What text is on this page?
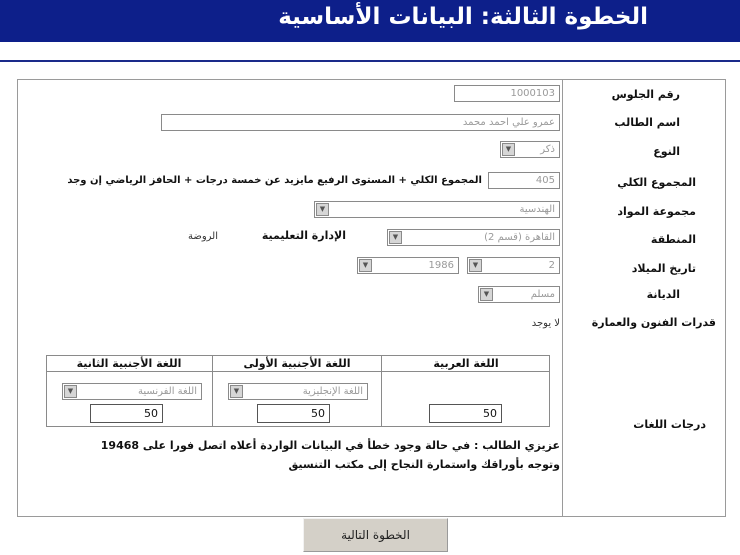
الخطوة الثالثة: البيانات الأساسية
رقم الجلوس
1000103
اسم الطالب
عمرو علي احمد محمد
النوع
ذكر
▼
المجموع الكلي
405
المجموع الكلي + المستوى الرفيع مايزيد عن خمسة درجات + الحافز الرياضي إن وجد
مجموعة المواد
الهندسية
▼
المنطقة
القاهرة (قسم 2)
▼
الإدارة التعليمية
الروضة
تاريخ الميلاد
2
▼
1986
▼
الديانة
مسلم
▼
قدرات الفنون والعمارة
لا يوجد
اللغة العربية
اللغة الأجنبية الأولى
اللغة الأجنبية الثانية
اللغة الإنجليزية
▼
اللغة الفرنسية
▼
50
50
50
درجات اللغات
عزيزي الطالب : في حالة وجود خطأ في البيانات الواردة أعلاه اتصل فورا على 19468
وتوجه بأوراقك واستمارة النجاح إلى مكتب التنسيق
الخطوة التالية
